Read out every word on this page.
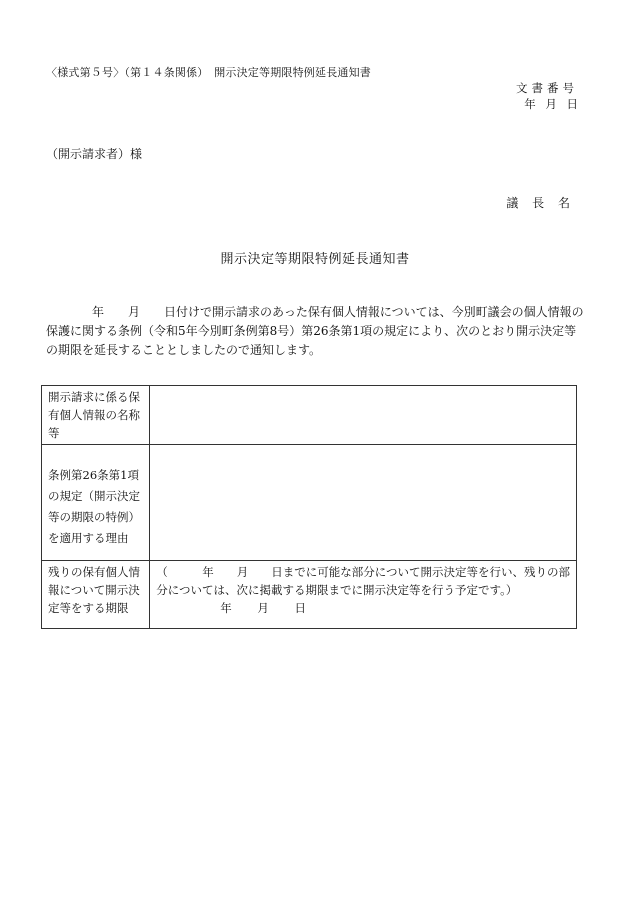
〈様式第５号〉（第１４条関係）　開示決定等期限特例延長通知書
文書番号
年 月 日
（開示請求者）様
議 長 名
開示決定等期限特例延長通知書
年　　月　　日付けで開示請求のあった保有個人情報については、今別町議会の個人情報の保護に関する条例（令和5年今別町条例第8号）第26条第1項の規定により、次のとおり開示決定等の期限を延長することとしましたので通知します。
開示請求に係る保有個人情報の名称等	
条例第26条第1項の規定（開示決定等の期限の特例）を適用する理由	
残りの保有個人情報について開示決定等をする期限	（　　　年　　月　　日までに可能な部分について開示決定等を行い、残りの部
分については、次に掲載する期限までに開示決定等を行う予定です。）
年 月 日
